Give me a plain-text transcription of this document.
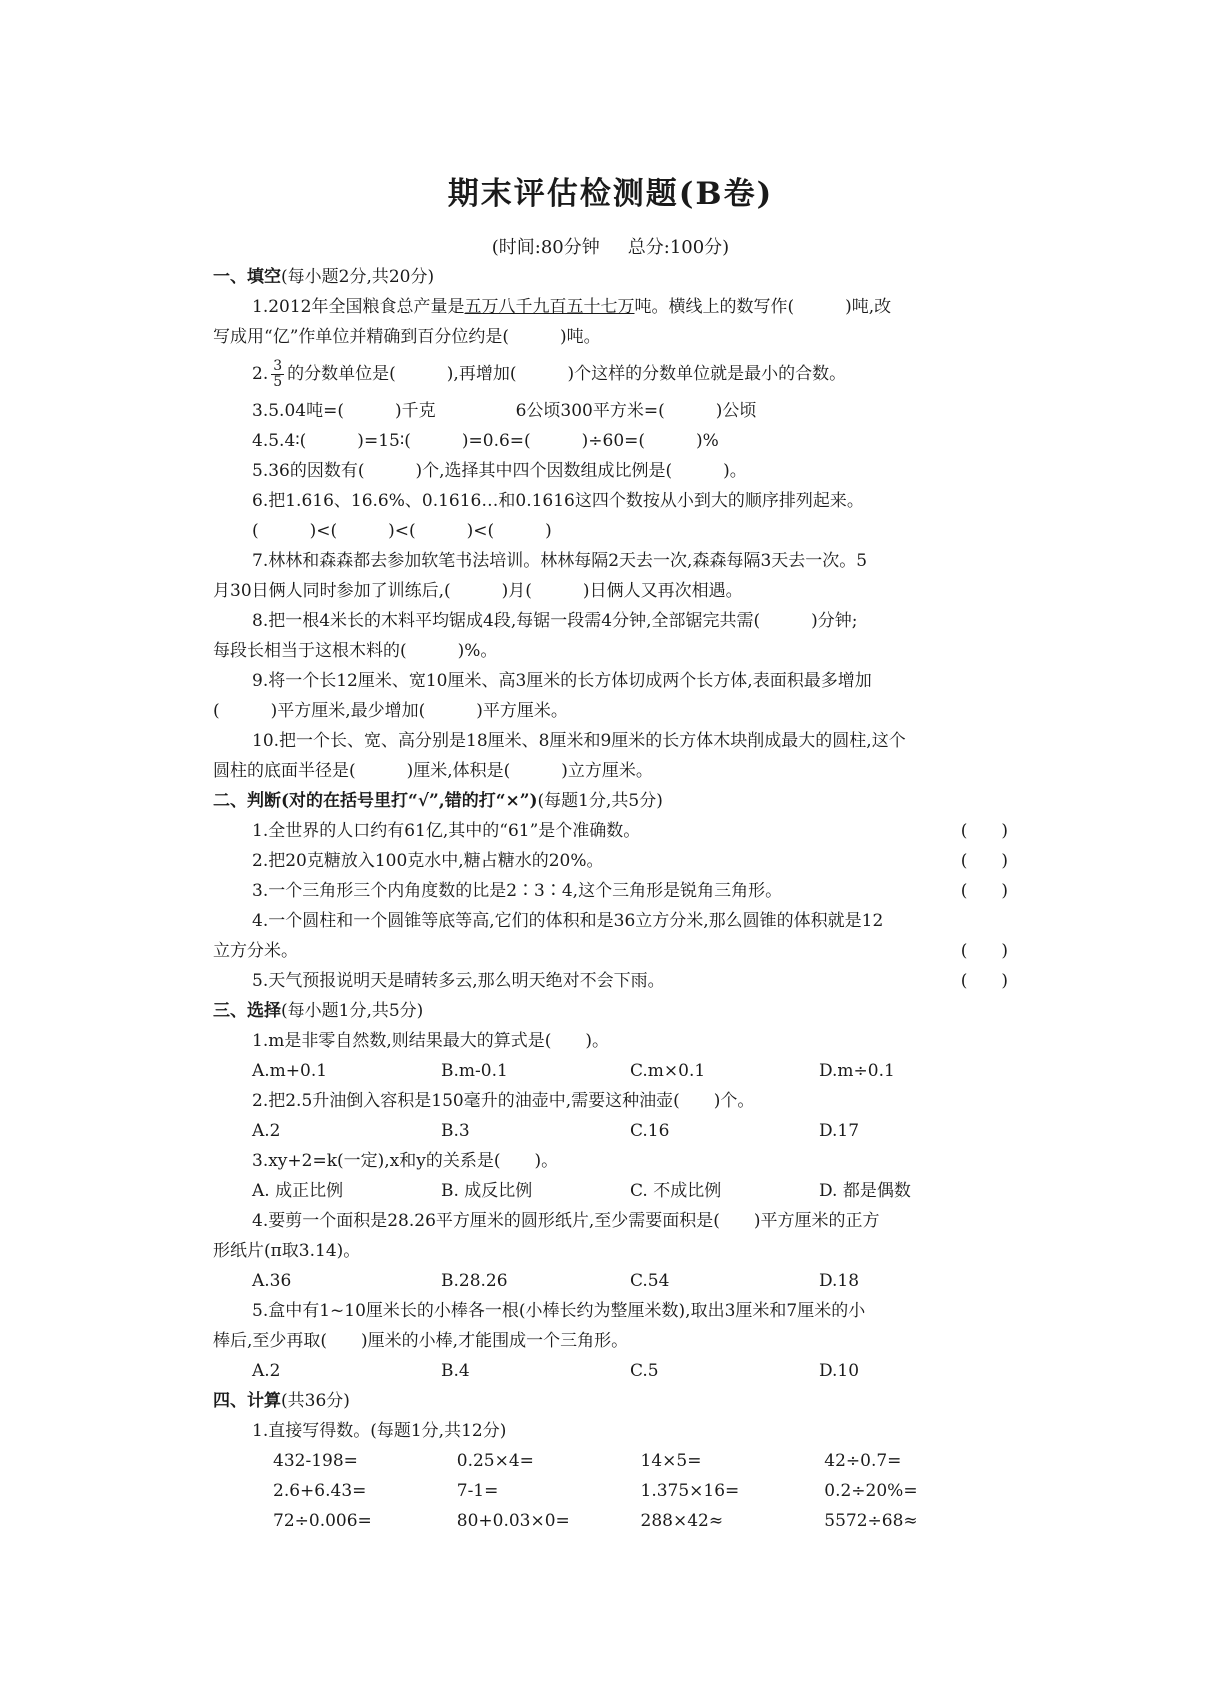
期末评估检测题(B卷)
(时间:80分钟 总分:100分)
一、填空(每小题2分,共20分)
1.2012年全国粮食总产量是五万八千九百五十七万吨。横线上的数写作(　　　)吨,改
写成用“亿”作单位并精确到百分位约是(　　　)吨。
2. $\frac{3}{5}$ 的分数单位是(　　　),再增加(　　　)个这样的分数单位就是最小的合数。
3.5.04吨=(　　　)千克	6公顷300平方米=(　　　)公顷
4.5.4∶(　　　)=15∶(　　　)=0.6=(　　　)÷60=(　　　)%
5.36的因数有(　　　)个,选择其中四个因数组成比例是(　　　)。
6.把1.616、16.6%、0.1616…和0.1616这四个数按从小到大的顺序排列起来。
(　　　)<(　　　)<(　　　)<(　　　)
7.林林和森森都去参加软笔书法培训。林林每隔2天去一次,森森每隔3天去一次。5
月30日俩人同时参加了训练后,(　　　)月(　　　)日俩人又再次相遇。
8.把一根4米长的木料平均锯成4段,每锯一段需4分钟,全部锯完共需(　　　)分钟;
每段长相当于这根木料的(　　　)%。
9.将一个长12厘米、宽10厘米、高3厘米的长方体切成两个长方体,表面积最多增加
(　　　)平方厘米,最少增加(　　　)平方厘米。
10.把一个长、宽、高分别是18厘米、8厘米和9厘米的长方体木块削成最大的圆柱,这个
圆柱的底面半径是(　　　)厘米,体积是(　　　)立方厘米。
二、判断(对的在括号里打“√”,错的打“×”)(每题1分,共5分)
1.全世界的人口约有61亿,其中的“61”是个准确数。	(　　)
2.把20克糖放入100克水中,糖占糖水的20%。	(　　)
3.一个三角形三个内角度数的比是2∶3∶4,这个三角形是锐角三角形。	(　　)
4.一个圆柱和一个圆锥等底等高,它们的体积和是36立方分米,那么圆锥的体积就是12
立方分米。	(　　)
5.天气预报说明天是晴转多云,那么明天绝对不会下雨。	(　　)
三、选择(每小题1分,共5分)
1.m是非零自然数,则结果最大的算式是(　　)。
A.m+0.1	B.m-0.1	C.m×0.1	D.m÷0.1
2.把2.5升油倒入容积是150毫升的油壶中,需要这种油壶(　　)个。
A.2	B.3	C.16	D.17
3.xy+2=k(一定),x和y的关系是(　　)。
A. 成正比例	B. 成反比例	C. 不成比例	D. 都是偶数
4.要剪一个面积是28.26平方厘米的圆形纸片,至少需要面积是(　　)平方厘米的正方
形纸片(π取3.14)。
A.36	B.28.26	C.54	D.18
5.盒中有1~10厘米长的小棒各一根(小棒长约为整厘米数),取出3厘米和7厘米的小
棒后,至少再取(　　)厘米的小棒,才能围成一个三角形。
A.2	B.4	C.5	D.10
四、计算(共36分)
1.直接写得数。(每题1分,共12分)
432-198=	0.25×4=	14×5=	42÷0.7=
2.6+6.43=	7-1=	1.375×16=	0.2÷20%=
72÷0.006=	80+0.03×0=	288×42≈	5572÷68≈
